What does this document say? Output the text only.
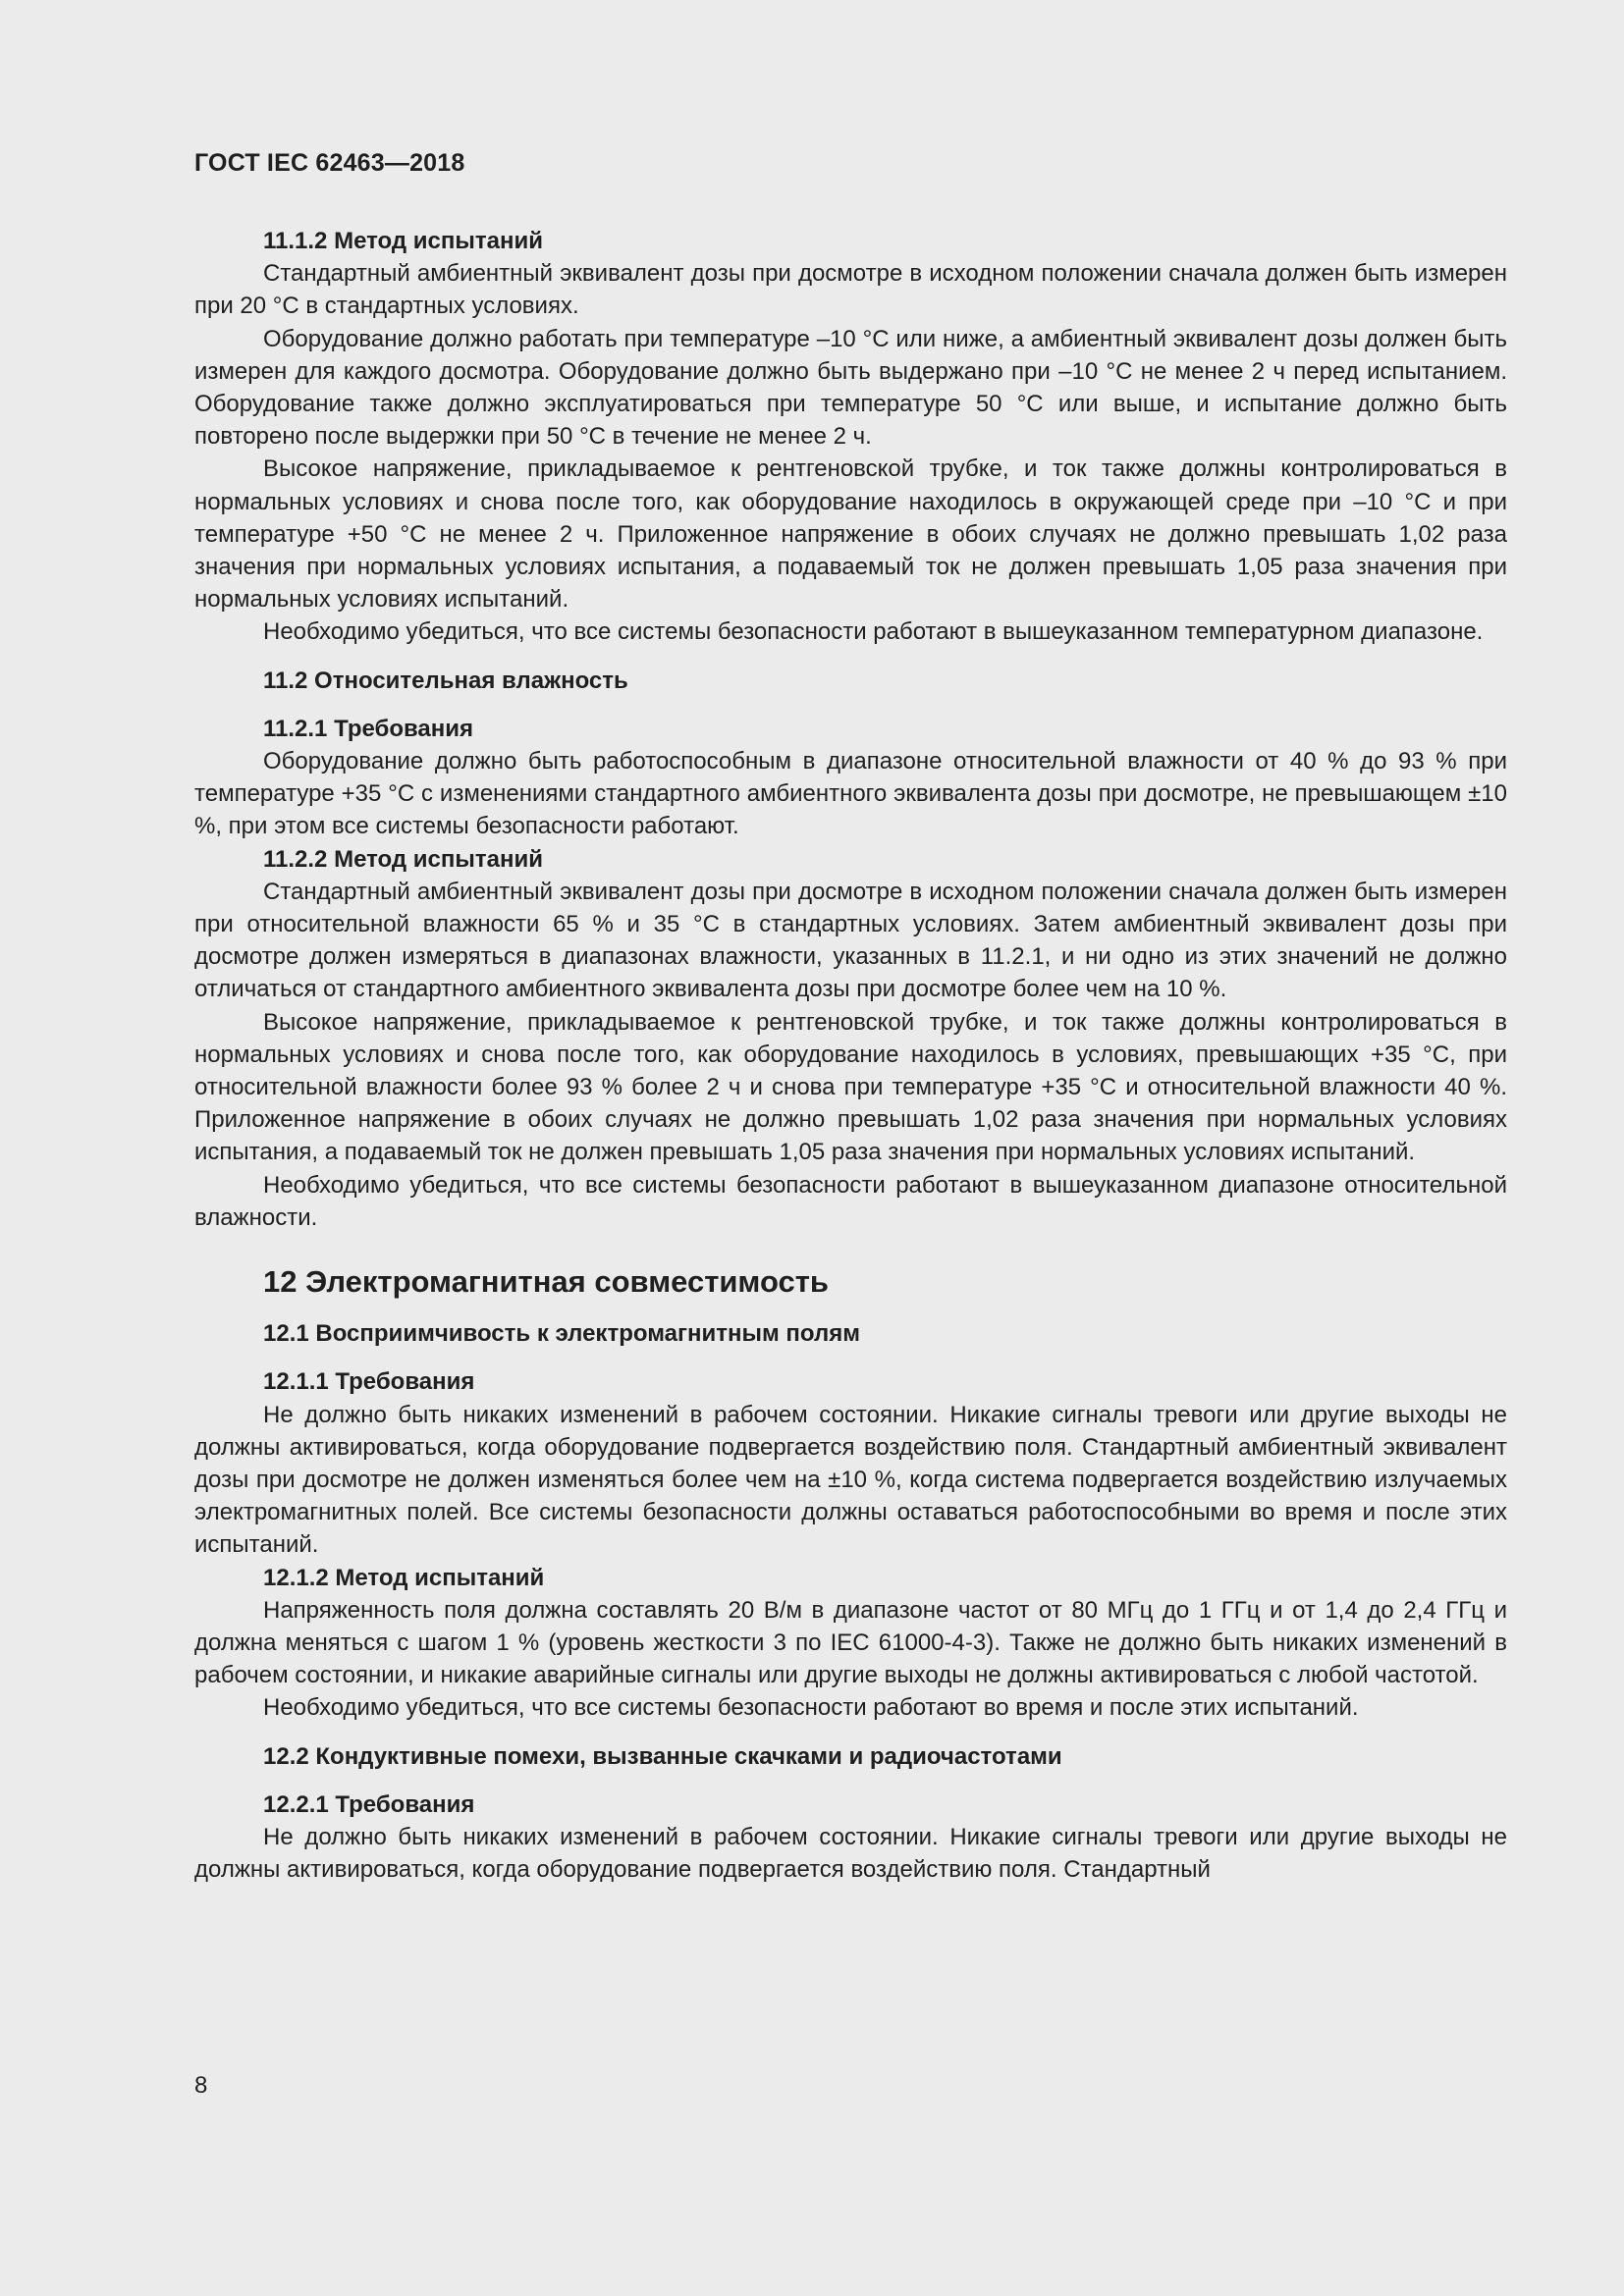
ГОСТ IEC 62463—2018
11.1.2 Метод испытаний

Стандартный амбиентный эквивалент дозы при досмотре в исходном положении сначала должен быть измерен при 20 °С в стандартных условиях.

Оборудование должно работать при температуре –10 °С или ниже, а амбиентный эквивалент дозы должен быть измерен для каждого досмотра. Оборудование должно быть выдержано при –10 °С не менее 2 ч перед испытанием. Оборудование также должно эксплуатироваться при температуре 50 °С или выше, и испытание должно быть повторено после выдержки при 50 °С в течение не менее 2 ч.

Высокое напряжение, прикладываемое к рентгеновской трубке, и ток также должны контролироваться в нормальных условиях и снова после того, как оборудование находилось в окружающей среде при –10 °С и при температуре +50 °С не менее 2 ч. Приложенное напряжение в обоих случаях не должно превышать 1,02 раза значения при нормальных условиях испытания, а подаваемый ток не должен превышать 1,05 раза значения при нормальных условиях испытаний.

Необходимо убедиться, что все системы безопасности работают в вышеуказанном температурном диапазоне.

11.2 Относительная влажность
11.2.1 Требования

Оборудование должно быть работоспособным в диапазоне относительной влажности от 40 % до 93 % при температуре +35 °С с изменениями стандартного амбиентного эквивалента дозы при досмотре, не превышающем ±10 %, при этом все системы безопасности работают.

11.2.2 Метод испытаний

Стандартный амбиентный эквивалент дозы при досмотре в исходном положении сначала должен быть измерен при относительной влажности 65 % и 35 °С в стандартных условиях. Затем амбиентный эквивалент дозы при досмотре должен измеряться в диапазонах влажности, указанных в 11.2.1, и ни одно из этих значений не должно отличаться от стандартного амбиентного эквивалента дозы при досмотре более чем на 10 %.

Высокое напряжение, прикладываемое к рентгеновской трубке, и ток также должны контролироваться в нормальных условиях и снова после того, как оборудование находилось в условиях, превышающих +35 °С, при относительной влажности более 93 % более 2 ч и снова при температуре +35 °С и относительной влажности 40 %. Приложенное напряжение в обоих случаях не должно превышать 1,02 раза значения при нормальных условиях испытания, а подаваемый ток не должен превышать 1,05 раза значения при нормальных условиях испытаний.

Необходимо убедиться, что все системы безопасности работают в вышеуказанном диапазоне относительной влажности.

12 Электромагнитная совместимость
12.1 Восприимчивость к электромагнитным полям
12.1.1 Требования

Не должно быть никаких изменений в рабочем состоянии. Никакие сигналы тревоги или другие выходы не должны активироваться, когда оборудование подвергается воздействию поля. Стандартный амбиентный эквивалент дозы при досмотре не должен изменяться более чем на ±10 %, когда система подвергается воздействию излучаемых электромагнитных полей. Все системы безопасности должны оставаться работоспособными во время и после этих испытаний.

12.1.2 Метод испытаний

Напряженность поля должна составлять 20 В/м в диапазоне частот от 80 МГц до 1 ГГц и от 1,4 до 2,4 ГГц и должна меняться с шагом 1 % (уровень жесткости 3 по IEC 61000-4-3). Также не должно быть никаких изменений в рабочем состоянии, и никакие аварийные сигналы или другие выходы не должны активироваться с любой частотой.

Необходимо убедиться, что все системы безопасности работают во время и после этих испытаний.

12.2 Кондуктивные помехи, вызванные скачками и радиочастотами
12.2.1 Требования

Не должно быть никаких изменений в рабочем состоянии. Никакие сигналы тревоги или другие выходы не должны активироваться, когда оборудование подвергается воздействию поля. Стандартный

8
